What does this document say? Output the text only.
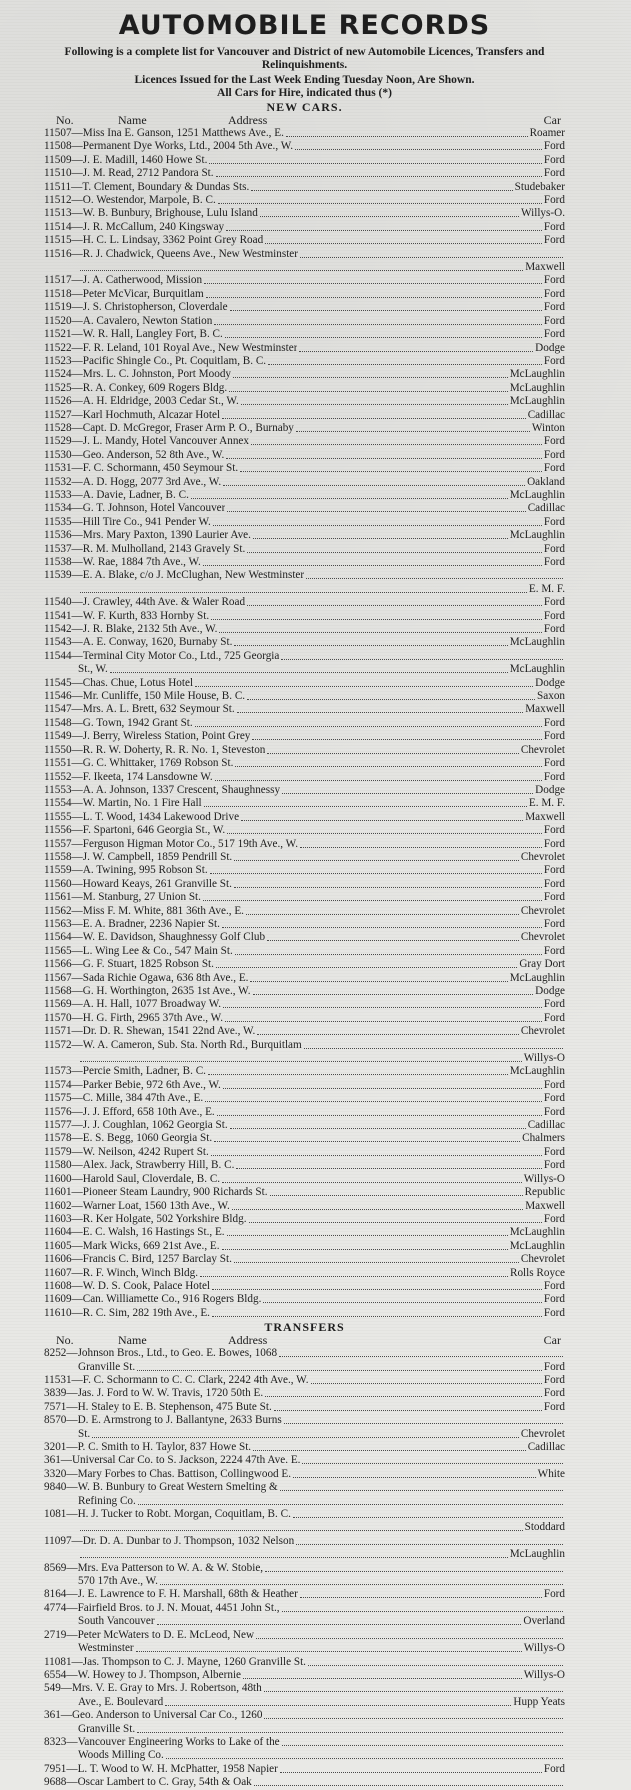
AUTOMOBILE RECORDS
Following is a complete list for Vancouver and District of new Automobile Licences, Transfers and Relinquishments.
Licences Issued for the Last Week Ending Tuesday Noon, Are Shown.
All Cars for Hire, indicated thus (*)
NEW CARS.
No.	Name	Address	Car
11507— Miss Ina E. Ganson, 1251 Matthews Ave., E.	Roamer
11508— Permanent Dye Works, Ltd., 2004 5th Ave., W.	Ford
11509— J. E. Madill, 1460 Howe St.	Ford
11510— J. M. Read, 2712 Pandora St.	Ford
11511— T. Clement, Boundary & Dundas Sts.	Studebaker
11512— O. Westendor, Marpole, B. C.	Ford
11513— W. B. Bunbury, Brighouse, Lulu Island	Willys-O.
11514— J. R. McCallum, 240 Kingsway	Ford
11515— H. C. L. Lindsay, 3362 Point Grey Road	Ford
11516— R. J. Chadwick, Queens Ave., New Westminster
Maxwell
11517— J. A. Catherwood, Mission	Ford
11518— Peter McVicar, Burquitlam	Ford
11519— J. S. Christopherson, Cloverdale	Ford
11520— A. Cavalero, Newton Station	Ford
11521— W. R. Hall, Langley Fort, B. C.	Ford
11522— F. R. Leland, 101 Royal Ave., New Westminster	Dodge
11523— Pacific Shingle Co., Pt. Coquitlam, B. C.	Ford
11524— Mrs. L. C. Johnston, Port Moody	McLaughlin
11525— R. A. Conkey, 609 Rogers Bldg.	McLaughlin
11526— A. H. Eldridge, 2003 Cedar St., W.	McLaughlin
11527— Karl Hochmuth, Alcazar Hotel	Cadillac
11528— Capt. D. McGregor, Fraser Arm P. O., Burnaby	Winton
11529— J. L. Mandy, Hotel Vancouver Annex	Ford
11530— Geo. Anderson, 52 8th Ave., W.	Ford
11531— F. C. Schormann, 450 Seymour St.	Ford
11532— A. D. Hogg, 2077 3rd Ave., W.	Oakland
11533— A. Davie, Ladner, B. C.	McLaughlin
11534— G. T. Johnson, Hotel Vancouver	Cadillac
11535— Hill Tire Co., 941 Pender W.	Ford
11536— Mrs. Mary Paxton, 1390 Laurier Ave.	McLaughlin
11537— R. M. Mulholland, 2143 Gravely St.	Ford
11538— W. Rae, 1884 7th Ave., W.	Ford
11539— E. A. Blake, c/o J. McClughan, New Westminster
E. M. F.
11540— J. Crawley, 44th Ave. & Waler Road	Ford
11541— W. F. Kurth, 833 Hornby St.	Ford
11542— J. R. Blake, 2132 5th Ave., W.	Ford
11543— A. E. Conway, 1620, Burnaby St.	McLaughlin
11544— Terminal City Motor Co., Ltd., 725 Georgia
St., W.	McLaughlin
11545— Chas. Chue, Lotus Hotel	Dodge
11546— Mr. Cunliffe, 150 Mile House, B. C.	Saxon
11547— Mrs. A. L. Brett, 632 Seymour St.	Maxwell
11548— G. Town, 1942 Grant St.	Ford
11549— J. Berry, Wireless Station, Point Grey	Ford
11550— R. R. W. Doherty, R. R. No. 1, Steveston	Chevrolet
11551— G. C. Whittaker, 1769 Robson St.	Ford
11552— F. Ikeeta, 174 Lansdowne W.	Ford
11553— A. A. Johnson, 1337 Crescent, Shaughnessy	Dodge
11554— W. Martin, No. 1 Fire Hall	E. M. F.
11555— L. T. Wood, 1434 Lakewood Drive	Maxwell
11556— F. Spartoni, 646 Georgia St., W.	Ford
11557— Ferguson Higman Motor Co., 517 19th Ave., W.	Ford
11558— J. W. Campbell, 1859 Pendrill St.	Chevrolet
11559— A. Twining, 995 Robson St.	Ford
11560— Howard Keays, 261 Granville St.	Ford
11561— M. Stanburg, 27 Union St.	Ford
11562— Miss F. M. White, 881 36th Ave., E.	Chevrolet
11563— E. A. Bradner, 2236 Napier St.	Ford
11564— W. E. Davidson, Shaughnessy Golf Club	Chevrolet
11565— L. Wing Lee & Co., 547 Main St.	Ford
11566— G. F. Stuart, 1825 Robson St.	Gray Dort
11567— Sada Richie Ogawa, 636 8th Ave., E.	McLaughlin
11568— G. H. Worthington, 2635 1st Ave., W.	Dodge
11569— A. H. Hall, 1077 Broadway W.	Ford
11570— H. G. Firth, 2965 37th Ave., W.	Ford
11571— Dr. D. R. Shewan, 1541 22nd Ave., W.	Chevrolet
11572— W. A. Cameron, Sub. Sta. North Rd., Burquitlam
Willys-O
11573— Percie Smith, Ladner, B. C.	McLaughlin
11574— Parker Bebie, 972 6th Ave., W.	Ford
11575— C. Mille, 384 47th Ave., E.	Ford
11576— J. J. Efford, 658 10th Ave., E.	Ford
11577— J. J. Coughlan, 1062 Georgia St.	Cadillac
11578— E. S. Begg, 1060 Georgia St.	Chalmers
11579— W. Neilson, 4242 Rupert St.	Ford
11580— Alex. Jack, Strawberry Hill, B. C.	Ford
11600— Harold Saul, Cloverdale, B. C.	Willys-O
11601— Pioneer Steam Laundry, 900 Richards St.	Republic
11602— Warner Loat, 1560 13th Ave., W.	Maxwell
11603— R. Ker Holgate, 502 Yorkshire Bldg.	Ford
11604— E. C. Walsh, 16 Hastings St., E.	McLaughlin
11605— Mark Wicks, 669 21st Ave., E.	McLaughlin
11606— Francis C. Bird, 1257 Barclay St.	Chevrolet
11607— R. F. Winch, Winch Bldg.	Rolls Royce
11608— W. D. S. Cook, Palace Hotel	Ford
11609— Can. Williamette Co., 916 Rogers Bldg.	Ford
11610— R. C. Sim, 282 19th Ave., E.	Ford
TRANSFERS
No.	Name	Address	Car
8252— Johnson Bros., Ltd., to Geo. E. Bowes, 1068
Granville St.	Ford
11531— F. C. Schormann to C. C. Clark, 2242 4th Ave., W.	Ford
3839— Jas. J. Ford to W. W. Travis, 1720 50th E.	Ford
7571— H. Staley to E. B. Stephenson, 475 Bute St.	Ford
8570— D. E. Armstrong to J. Ballantyne, 2633 Burns
St.	Chevrolet
3201— P. C. Smith to H. Taylor, 837 Howe St.	Cadillac
361— Universal Car Co. to S. Jackson, 2224 47th Ave. E.
3320— Mary Forbes to Chas. Battison, Collingwood E.	White
9840— W. B. Bunbury to Great Western Smelting &
Refining Co.
1081— H. J. Tucker to Robt. Morgan, Coquitlam, B. C.
Stoddard
11097— Dr. D. A. Dunbar to J. Thompson, 1032 Nelson
McLaughlin
8569— Mrs. Eva Patterson to W. A. & W. Stobie,
570 17th Ave., W.
8164— J. E. Lawrence to F. H. Marshall, 68th & Heather	Ford
4774— Fairfield Bros. to J. N. Mouat, 4451 John St.,
South Vancouver	Overland
2719— Peter McWaters to D. E. McLeod, New
Westminster	Willys-O
11081— Jas. Thompson to C. J. Mayne, 1260 Granville St.
6554— W. Howey to J. Thompson, Albernie	Willys-O
549— Mrs. V. E. Gray to Mrs. J. Robertson, 48th
Ave., E. Boulevard	Hupp Yeats
361— Geo. Anderson to Universal Car Co., 1260
Granville St.
8323— Vancouver Engineering Works to Lake of the
Woods Milling Co.
7951— L. T. Wood to W. H. McPhatter, 1958 Napier	Ford
9688— Oscar Lambert to C. Gray, 54th & Oak
